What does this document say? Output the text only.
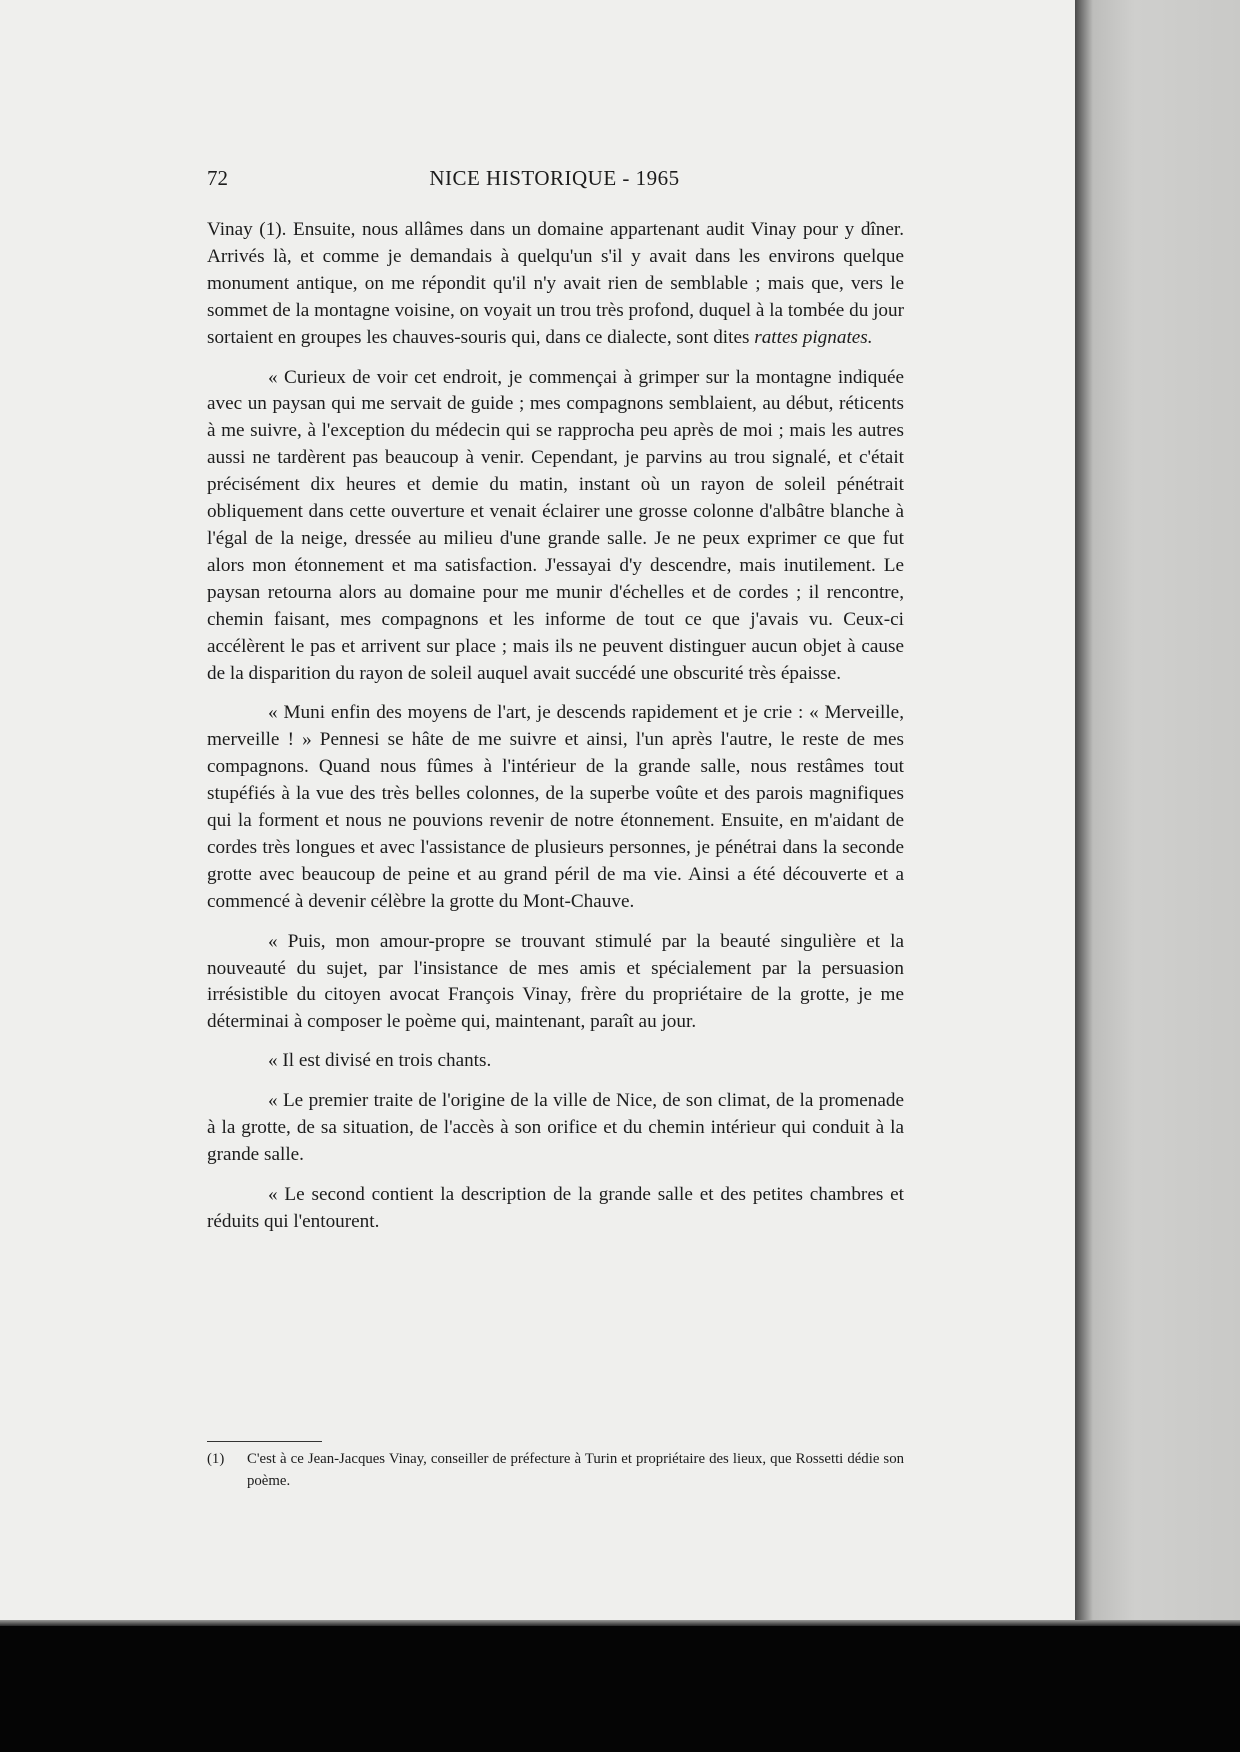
72	NICE HISTORIQUE - 1965

Vinay (1). Ensuite, nous allâmes dans un domaine appartenant audit Vinay pour y dîner. Arrivés là, et comme je demandais à quelqu'un s'il y avait dans les environs quelque monument antique, on me répondit qu'il n'y avait rien de semblable ; mais que, vers le sommet de la montagne voisine, on voyait un trou très profond, duquel à la tombée du jour sortaient en groupes les chauves-souris qui, dans ce dialecte, sont dites rattes pignates.

« Curieux de voir cet endroit, je commençai à grimper sur la montagne indiquée avec un paysan qui me servait de guide ; mes compagnons semblaient, au début, réticents à me suivre, à l'exception du médecin qui se rapprocha peu après de moi ; mais les autres aussi ne tardèrent pas beaucoup à venir. Cependant, je parvins au trou signalé, et c'était précisément dix heures et demie du matin, instant où un rayon de soleil pénétrait obliquement dans cette ouverture et venait éclairer une grosse colonne d'albâtre blanche à l'égal de la neige, dressée au milieu d'une grande salle. Je ne peux exprimer ce que fut alors mon étonnement et ma satisfaction. J'essayai d'y descendre, mais inutilement. Le paysan retourna alors au domaine pour me munir d'échelles et de cordes ; il rencontre, chemin faisant, mes compagnons et les informe de tout ce que j'avais vu. Ceux-ci accélèrent le pas et arrivent sur place ; mais ils ne peuvent distinguer aucun objet à cause de la disparition du rayon de soleil auquel avait succédé une obscurité très épaisse.

« Muni enfin des moyens de l'art, je descends rapidement et je crie : « Merveille, merveille ! » Pennesi se hâte de me suivre et ainsi, l'un après l'autre, le reste de mes compagnons. Quand nous fûmes à l'intérieur de la grande salle, nous restâmes tout stupéfiés à la vue des très belles colonnes, de la superbe voûte et des parois magnifiques qui la forment et nous ne pouvions revenir de notre étonnement. Ensuite, en m'aidant de cordes très longues et avec l'assistance de plusieurs personnes, je pénétrai dans la seconde grotte avec beaucoup de peine et au grand péril de ma vie. Ainsi a été découverte et a commencé à devenir célèbre la grotte du Mont-Chauve.

« Puis, mon amour-propre se trouvant stimulé par la beauté singulière et la nouveauté du sujet, par l'insistance de mes amis et spécialement par la persuasion irrésistible du citoyen avocat François Vinay, frère du propriétaire de la grotte, je me déterminai à composer le poème qui, maintenant, paraît au jour.

« Il est divisé en trois chants.

« Le premier traite de l'origine de la ville de Nice, de son climat, de la promenade à la grotte, de sa situation, de l'accès à son orifice et du chemin intérieur qui conduit à la grande salle.

« Le second contient la description de la grande salle et des petites chambres et réduits qui l'entourent.

(1) C'est à ce Jean-Jacques Vinay, conseiller de préfecture à Turin et propriétaire des lieux, que Rossetti dédie son poème.
